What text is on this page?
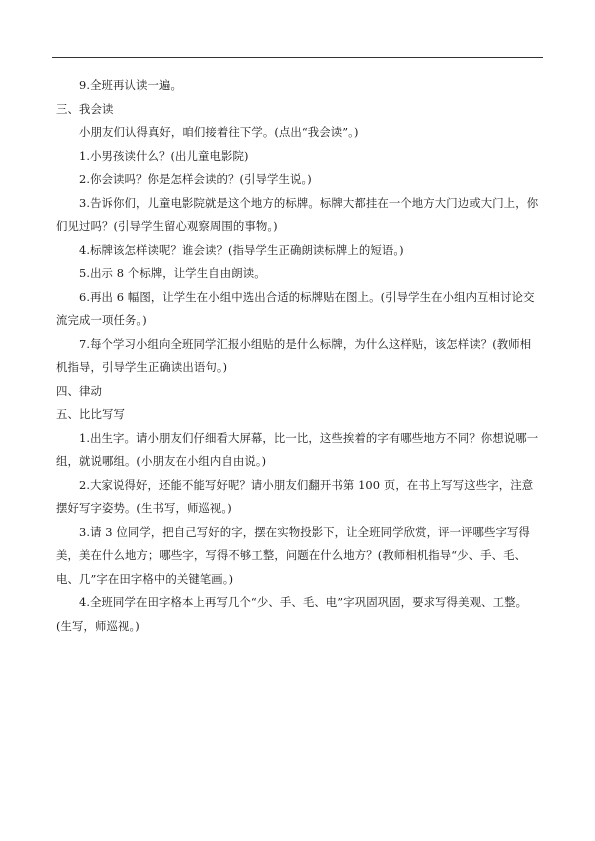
9.全班再认读一遍。

三、我会读

小朋友们认得真好，咱们接着往下学。(点出“我会读”。)

1.小男孩读什么？(出儿童电影院)

2.你会读吗？你是怎样会读的？(引导学生说。)

3.告诉你们，儿童电影院就是这个地方的标牌。标牌大都挂在一个地方大门边或大门上，你们见过吗？(引导学生留心观察周围的事物。)

4.标牌该怎样读呢？谁会读？(指导学生正确朗读标牌上的短语。)

5.出示 8 个标牌，让学生自由朗读。

6.再出 6 幅图，让学生在小组中选出合适的标牌贴在图上。(引导学生在小组内互相讨论交流完成一项任务。)

7.每个学习小组向全班同学汇报小组贴的是什么标牌，为什么这样贴，该怎样读？(教师相机指导，引导学生正确读出语句。)

四、律动

五、比比写写

1.出生字。请小朋友们仔细看大屏幕，比一比，这些挨着的字有哪些地方不同？你想说哪一组，就说哪组。(小朋友在小组内自由说。)

2.大家说得好，还能不能写好呢？请小朋友们翻开书第 100 页，在书上写写这些字，注意摆好写字姿势。(生书写，师巡视。)

3.请 3 位同学，把自己写好的字，摆在实物投影下，让全班同学欣赏，评一评哪些字写得美，美在什么地方；哪些字，写得不够工整，问题在什么地方？(教师相机指导“少、手、毛、电、几”字在田字格中的关键笔画。)

4.全班同学在田字格本上再写几个“少、手、毛、电”字巩固巩固，要求写得美观、工整。(生写，师巡视。)
